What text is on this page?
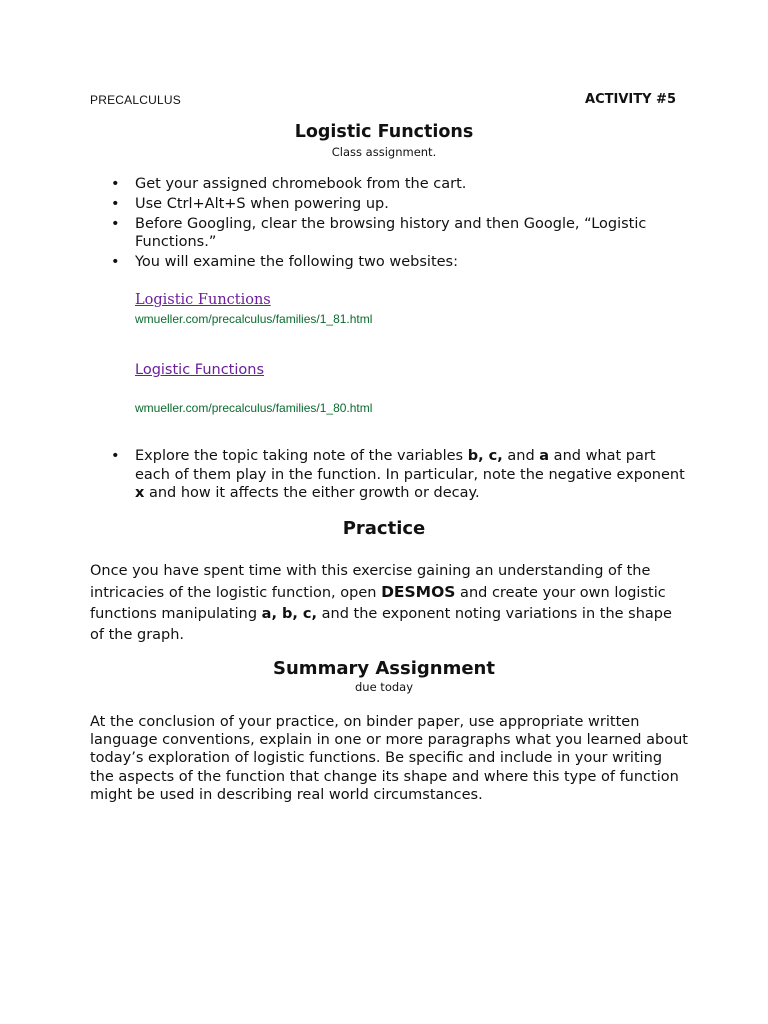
PRECALCULUS	ACTIVITY #5
Logistic Functions
Class assignment.
• Get your assigned chromebook from the cart.
• Use Ctrl+Alt+S when powering up.
• Before Googling, clear the browsing history and then Google, “Logistic Functions.”
• You will examine the following two websites:
Logistic Functions
wmueller.com/precalculus/families/1_81.html
Logistic Functions
wmueller.com/precalculus/families/1_80.html
• Explore the topic taking note of the variables b, c, and a and what part each of them play in the function. In particular, note the negative exponent x and how it affects the either growth or decay.
Practice
Once you have spent time with this exercise gaining an understanding of the intricacies of the logistic function, open DESMOS and create your own logistic functions manipulating a, b, c, and the exponent noting variations in the shape of the graph.
Summary Assignment
due today
At the conclusion of your practice, on binder paper, use appropriate written language conventions, explain in one or more paragraphs what you learned about today’s exploration of logistic functions. Be specific and include in your writing the aspects of the function that change its shape and where this type of function might be used in describing real world circumstances.
